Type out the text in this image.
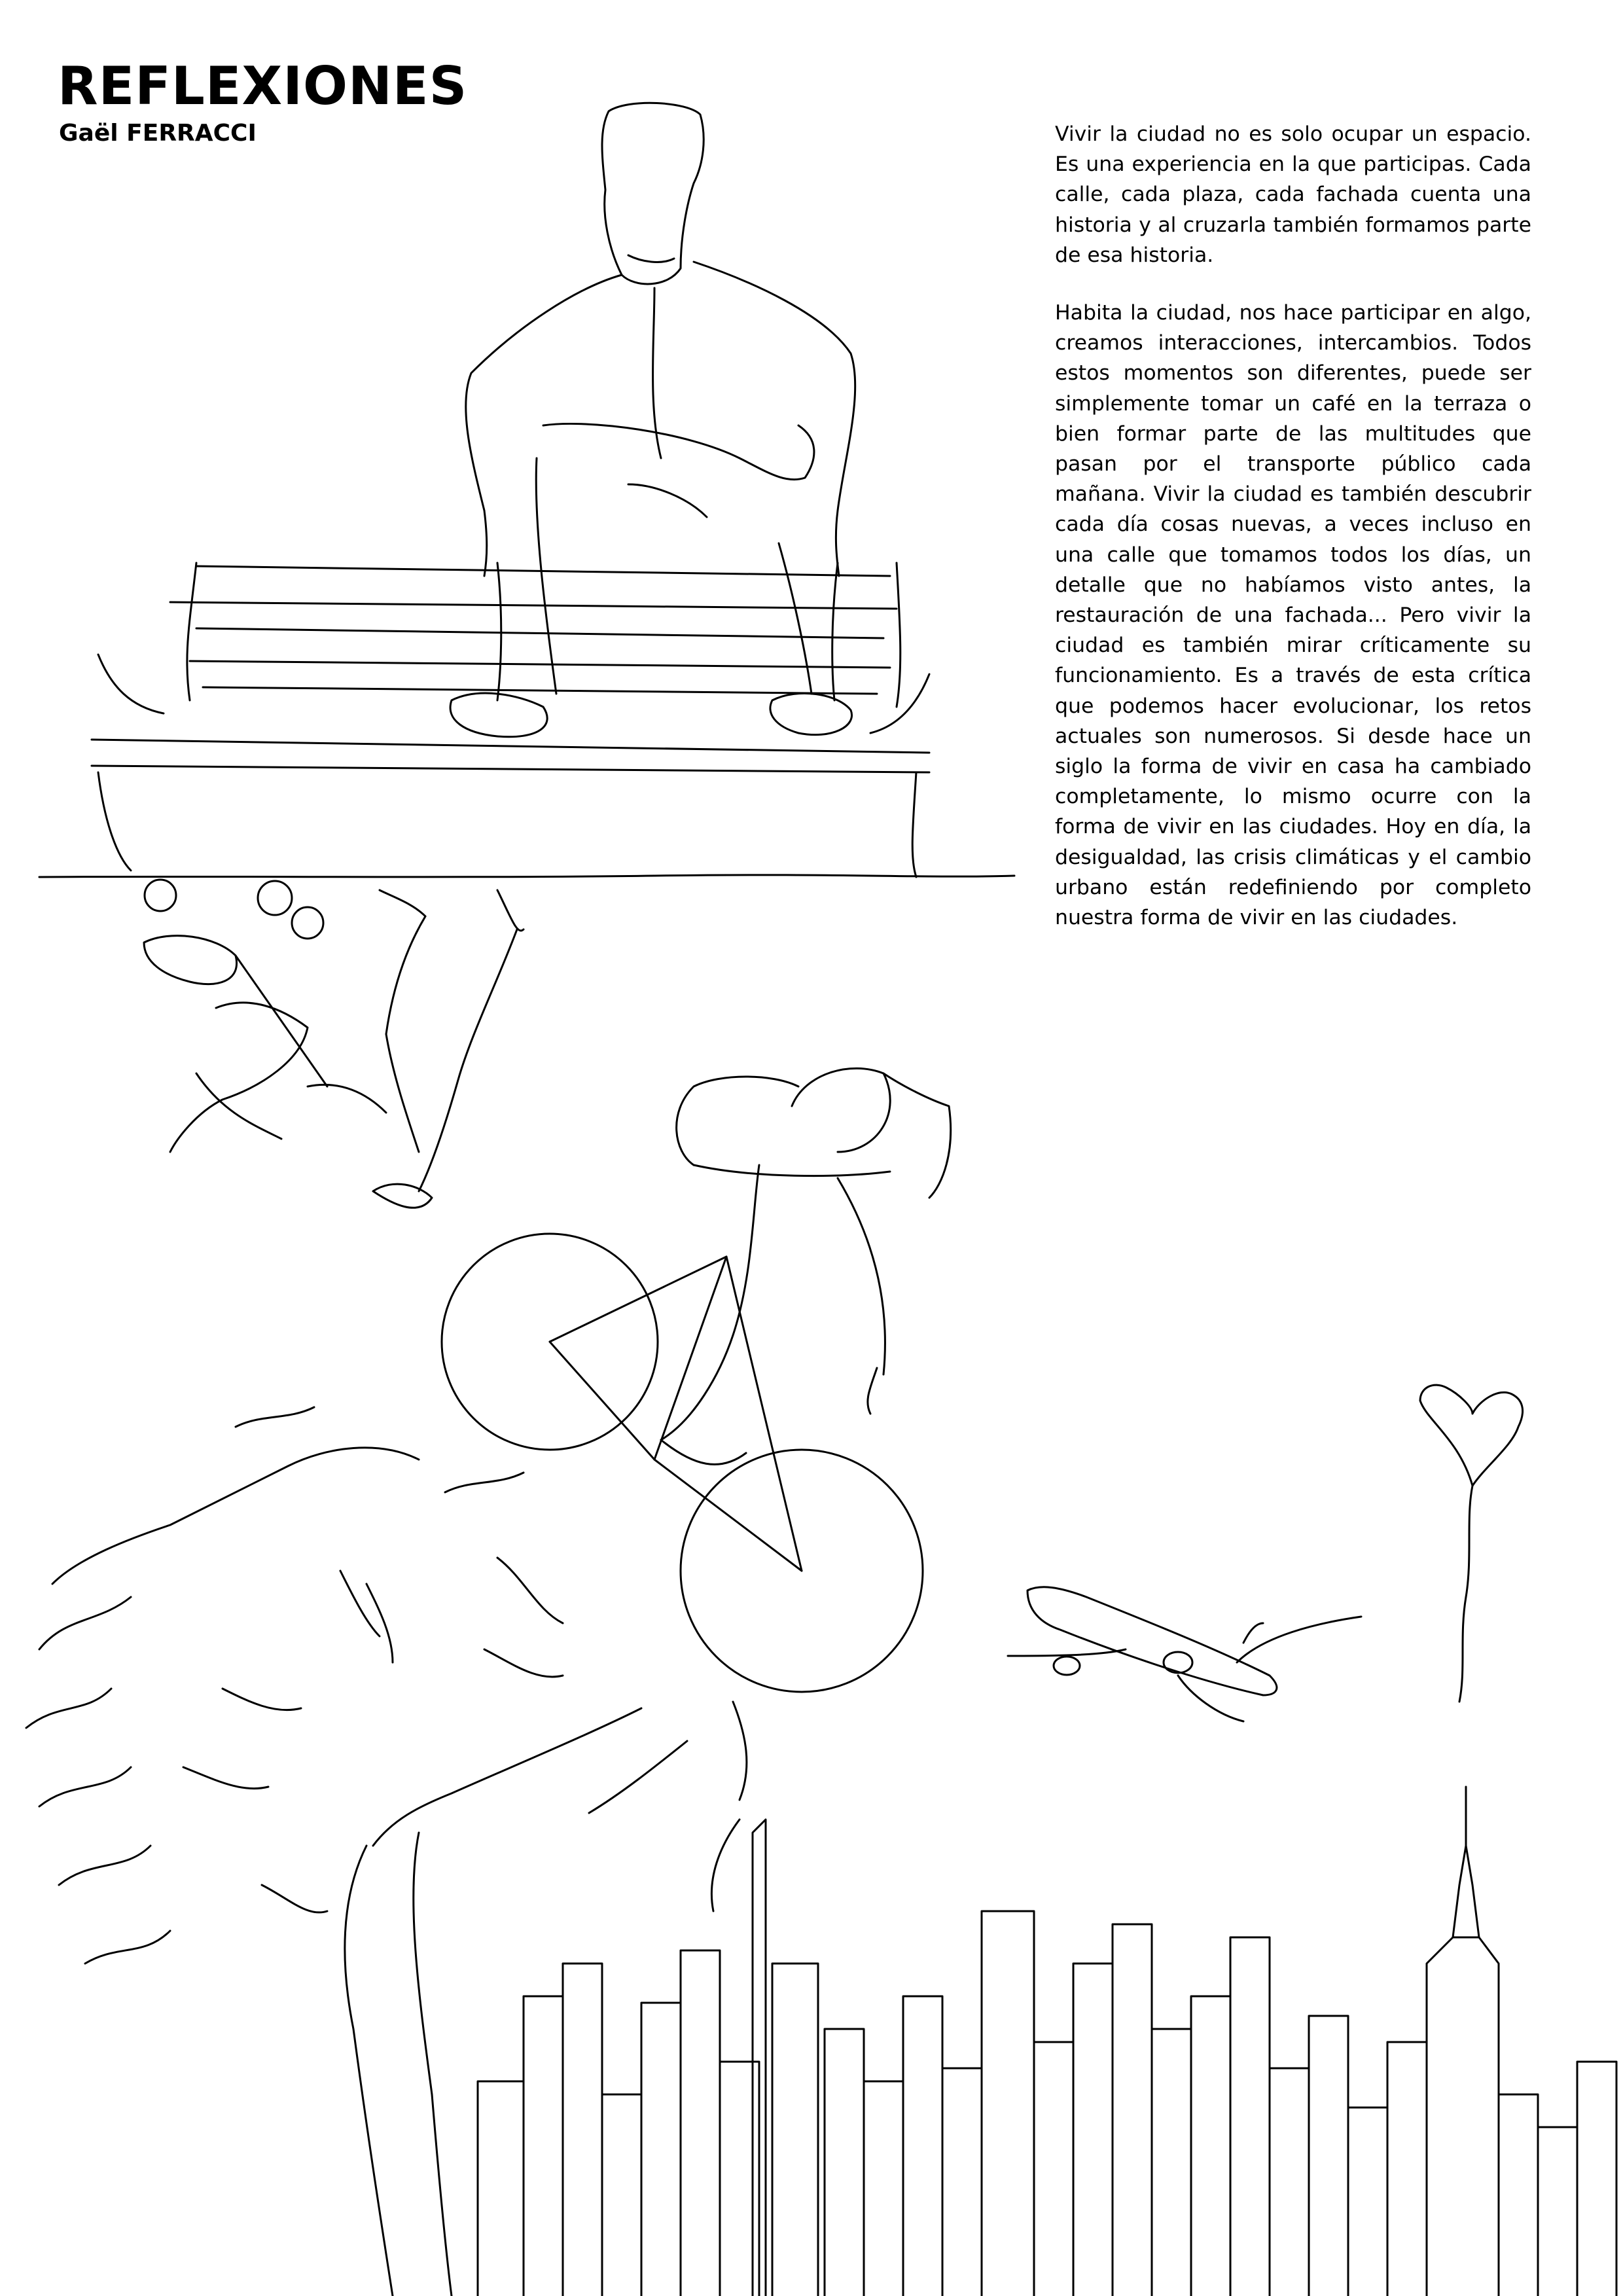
REFLEXIONES
Gaël FERRACCI	Vivir la ciudad no es solo ocupar un espacio. Es una experiencia en la que participas. Cada calle, cada plaza, cada fachada cuenta una historia y al cruzarla también formamos parte de esa historia.

Habita la ciudad, nos hace participar en algo, creamos interacciones, intercambios. Todos estos momentos son diferentes, puede ser simplemente tomar un café en la terraza o bien formar parte de las multitudes que pasan por el transporte público cada mañana. Vivir la ciudad es también descubrir cada día cosas nuevas, a veces incluso en una calle que tomamos todos los días, un detalle que no habíamos visto antes, la restauración de una fachada... Pero vivir la ciudad es también mirar críticamente su funcionamiento. Es a través de esta crítica que podemos hacer evolucionar, los retos actuales son numerosos. Si desde hace un siglo la forma de vivir en casa ha cambiado completamente, lo mismo ocurre con la forma de vivir en las ciudades. Hoy en día, la desigualdad, las crisis climáticas y el cambio urbano están redefiniendo por completo nuestra forma de vivir en las ciudades.
